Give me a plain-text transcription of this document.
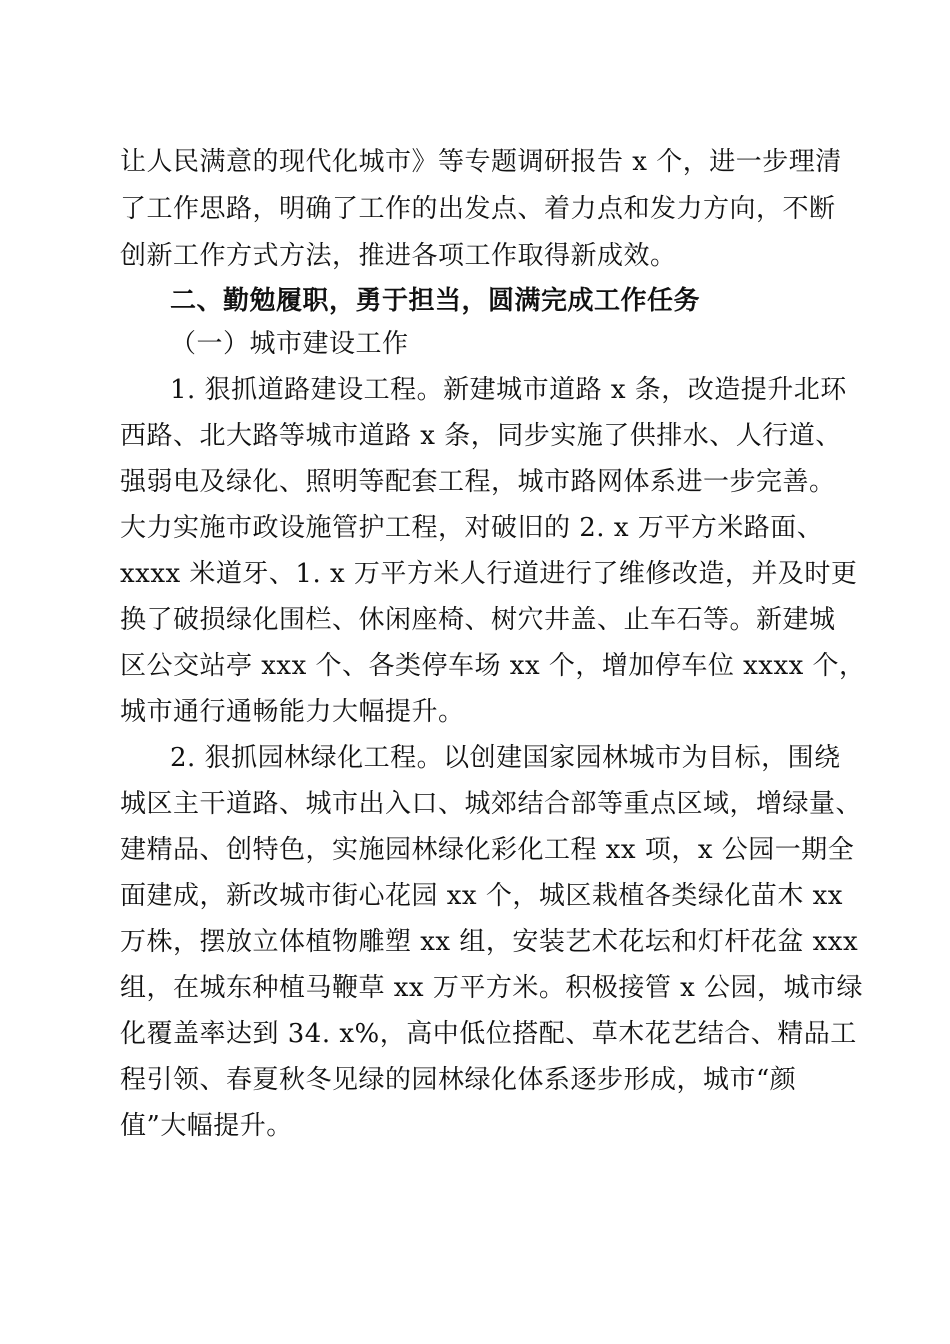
让人民满意的现代化城市》等专题调研报告 x 个，进一步理清
了工作思路，明确了工作的出发点、着力点和发力方向，不断
创新工作方式方法，推进各项工作取得新成效。
二、勤勉履职，勇于担当，圆满完成工作任务
（一）城市建设工作
1. 狠抓道路建设工程。新建城市道路 x 条，改造提升北环
西路、北大路等城市道路 x 条，同步实施了供排水、人行道、
强弱电及绿化、照明等配套工程，城市路网体系进一步完善。
大力实施市政设施管护工程，对破旧的 2. x 万平方米路面、
xxxx 米道牙、1. x 万平方米人行道进行了维修改造，并及时更
换了破损绿化围栏、休闲座椅、树穴井盖、止车石等。新建城
区公交站亭 xxx 个、各类停车场 xx 个，增加停车位 xxxx 个，
城市通行通畅能力大幅提升。
2. 狠抓园林绿化工程。以创建国家园林城市为目标，围绕
城区主干道路、城市出入口、城郊结合部等重点区域，增绿量、
建精品、创特色，实施园林绿化彩化工程 xx 项，x 公园一期全
面建成，新改城市街心花园 xx 个，城区栽植各类绿化苗木 xx
万株，摆放立体植物雕塑 xx 组，安装艺术花坛和灯杆花盆 xxx
组，在城东种植马鞭草 xx 万平方米。积极接管 x 公园，城市绿
化覆盖率达到 34. x%，高中低位搭配、草木花艺结合、精品工
程引领、春夏秋冬见绿的园林绿化体系逐步形成，城市“颜
值”大幅提升。
